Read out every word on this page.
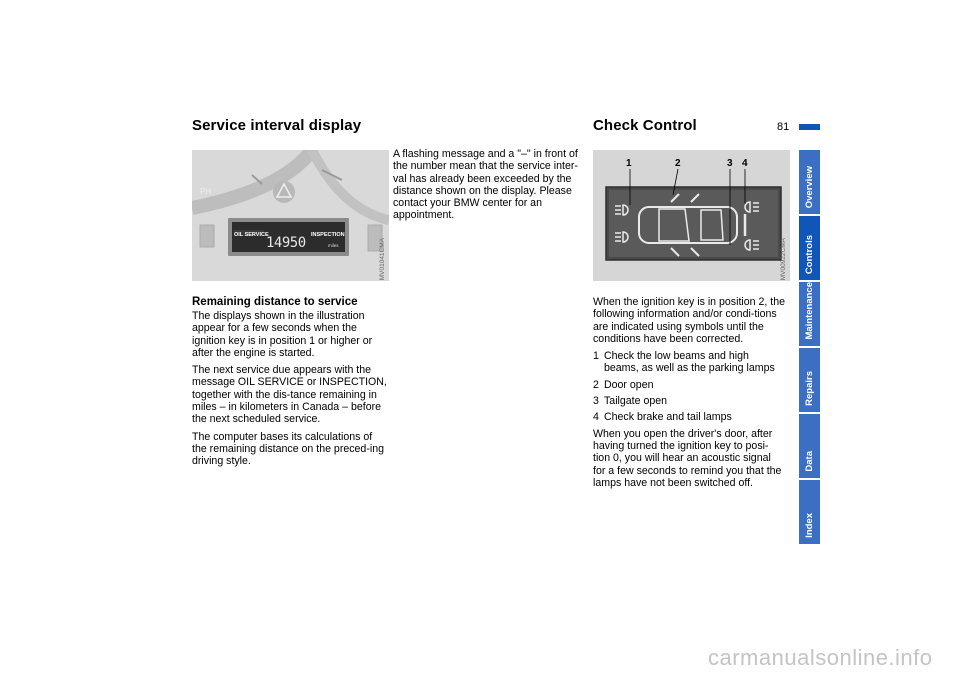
Service interval display	Check Control	81
PH
OIL SERVICE	INSPECTION
14950	miles	MV01041CMA
Remaining distance to service

The displays shown in the illustration appear for a few seconds when the ignition key is in position 1 or higher or after the engine is started.

The next service due appears with the message OIL SERVICE or INSPECTION, together with the dis-tance remaining in miles – in kilometers in Canada – before the next scheduled service.

The computer bases its calculations of the remaining distance on the preced-ing driving style.

A flashing message and a "–" in front of the number mean that the service inter-val has already been exceeded by the distance shown on the display. Please contact your BMW center for an appointment.

1	2	3 4
MV00922CMA

When the ignition key is in position 2, the following information and/or condi-tions are indicated using symbols until the conditions have been corrected.

1 Check the low beams and high beams, as well as the parking lamps
2 Door open
3 Tailgate open
4 Check brake and tail lamps

When you open the driver's door, after having turned the ignition key to posi-tion 0, you will hear an acoustic signal for a few seconds to remind you that the lamps have not been switched off.

Overview
Controls
Maintenance
Repairs
Data
Index
carmanualsonline.info
